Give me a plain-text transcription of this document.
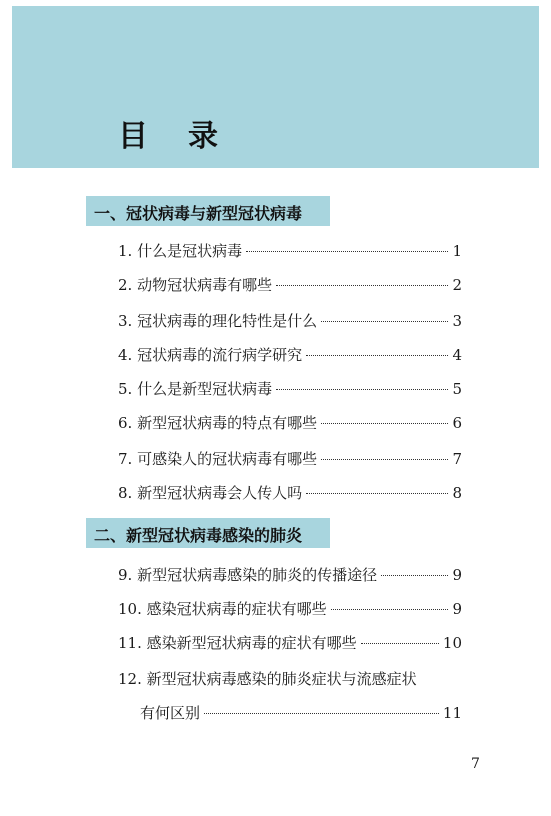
目录
一、冠状病毒与新型冠状病毒
1. 什么是冠状病毒	1
2. 动物冠状病毒有哪些	2
3. 冠状病毒的理化特性是什么	3
4. 冠状病毒的流行病学研究	4
5. 什么是新型冠状病毒	5
6. 新型冠状病毒的特点有哪些	6
7. 可感染人的冠状病毒有哪些	7
8. 新型冠状病毒会人传人吗	8
二、新型冠状病毒感染的肺炎
9. 新型冠状病毒感染的肺炎的传播途径	9
10. 感染冠状病毒的症状有哪些	9
11. 感染新型冠状病毒的症状有哪些	10
12. 新型冠状病毒感染的肺炎症状与流感症状
有何区别	11
7
